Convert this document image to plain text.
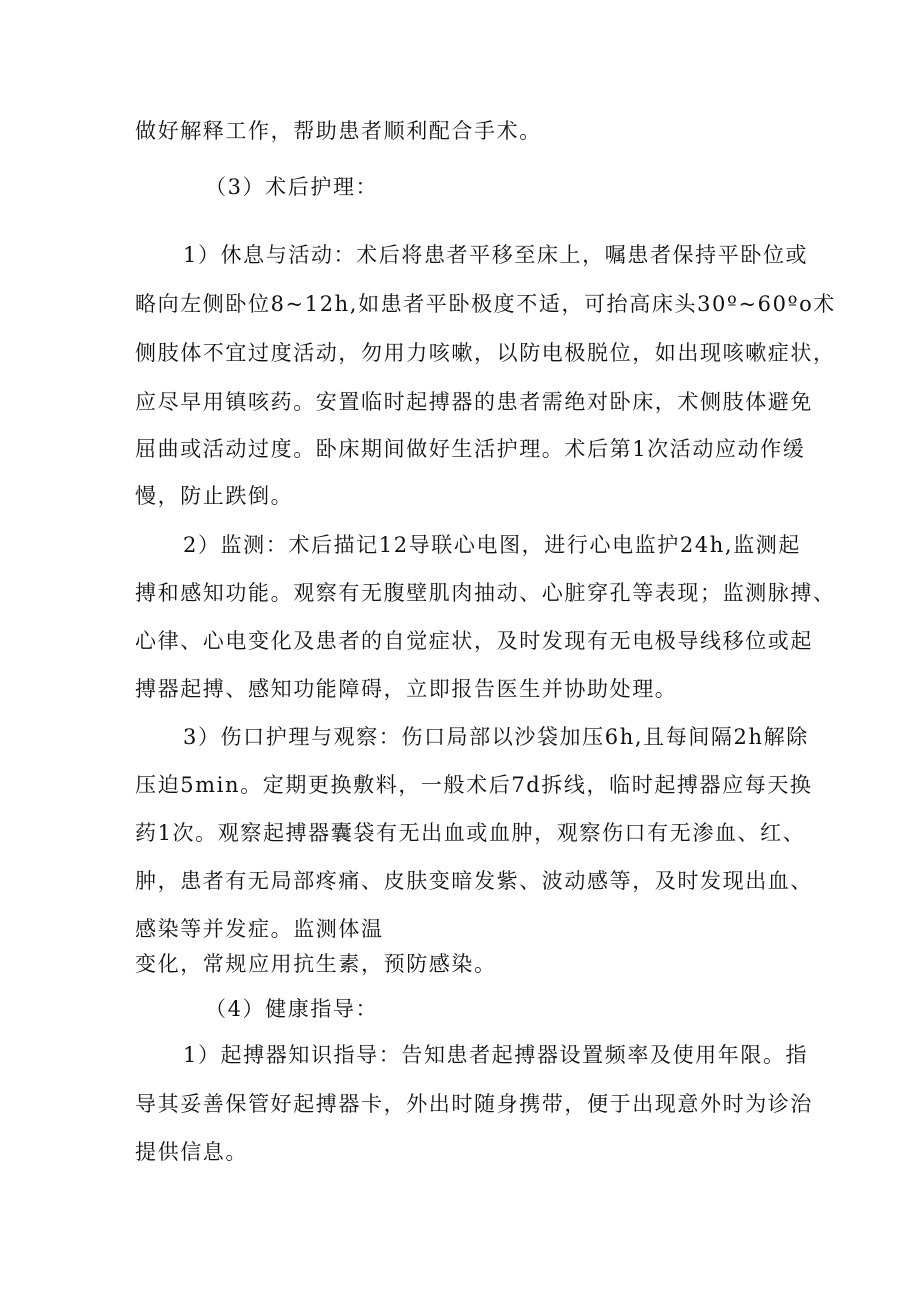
做好解释工作，帮助患者顺利配合手术。
（3）术后护理：
1）休息与活动：术后将患者平移至床上，嘱患者保持平卧位或
略向左侧卧位8~12h,如患者平卧极度不适，可抬高床头30º~60ºo术
侧肢体不宜过度活动，勿用力咳嗽，以防电极脱位，如出现咳嗽症状，
应尽早用镇咳药。安置临时起搏器的患者需绝对卧床，术侧肢体避免
屈曲或活动过度。卧床期间做好生活护理。术后第1次活动应动作缓
慢，防止跌倒。
2）监测：术后描记12导联心电图，进行心电监护24h,监测起
搏和感知功能。观察有无腹壁肌肉抽动、心脏穿孔等表现；监测脉搏、
心律、心电变化及患者的自觉症状，及时发现有无电极导线移位或起
搏器起搏、感知功能障碍，立即报告医生并协助处理。
3）伤口护理与观察：伤口局部以沙袋加压6h,且每间隔2h解除
压迫5min。定期更换敷料，一般术后7d拆线，临时起搏器应每天换
药1次。观察起搏器囊袋有无出血或血肿，观察伤口有无渗血、红、
肿，患者有无局部疼痛、皮肤变暗发紫、波动感等，及时发现出血、
感染等并发症。监测体温
变化，常规应用抗生素，预防感染。
（4）健康指导：
1）起搏器知识指导：告知患者起搏器设置频率及使用年限。指
导其妥善保管好起搏器卡，外出时随身携带，便于出现意外时为诊治
提供信息。
